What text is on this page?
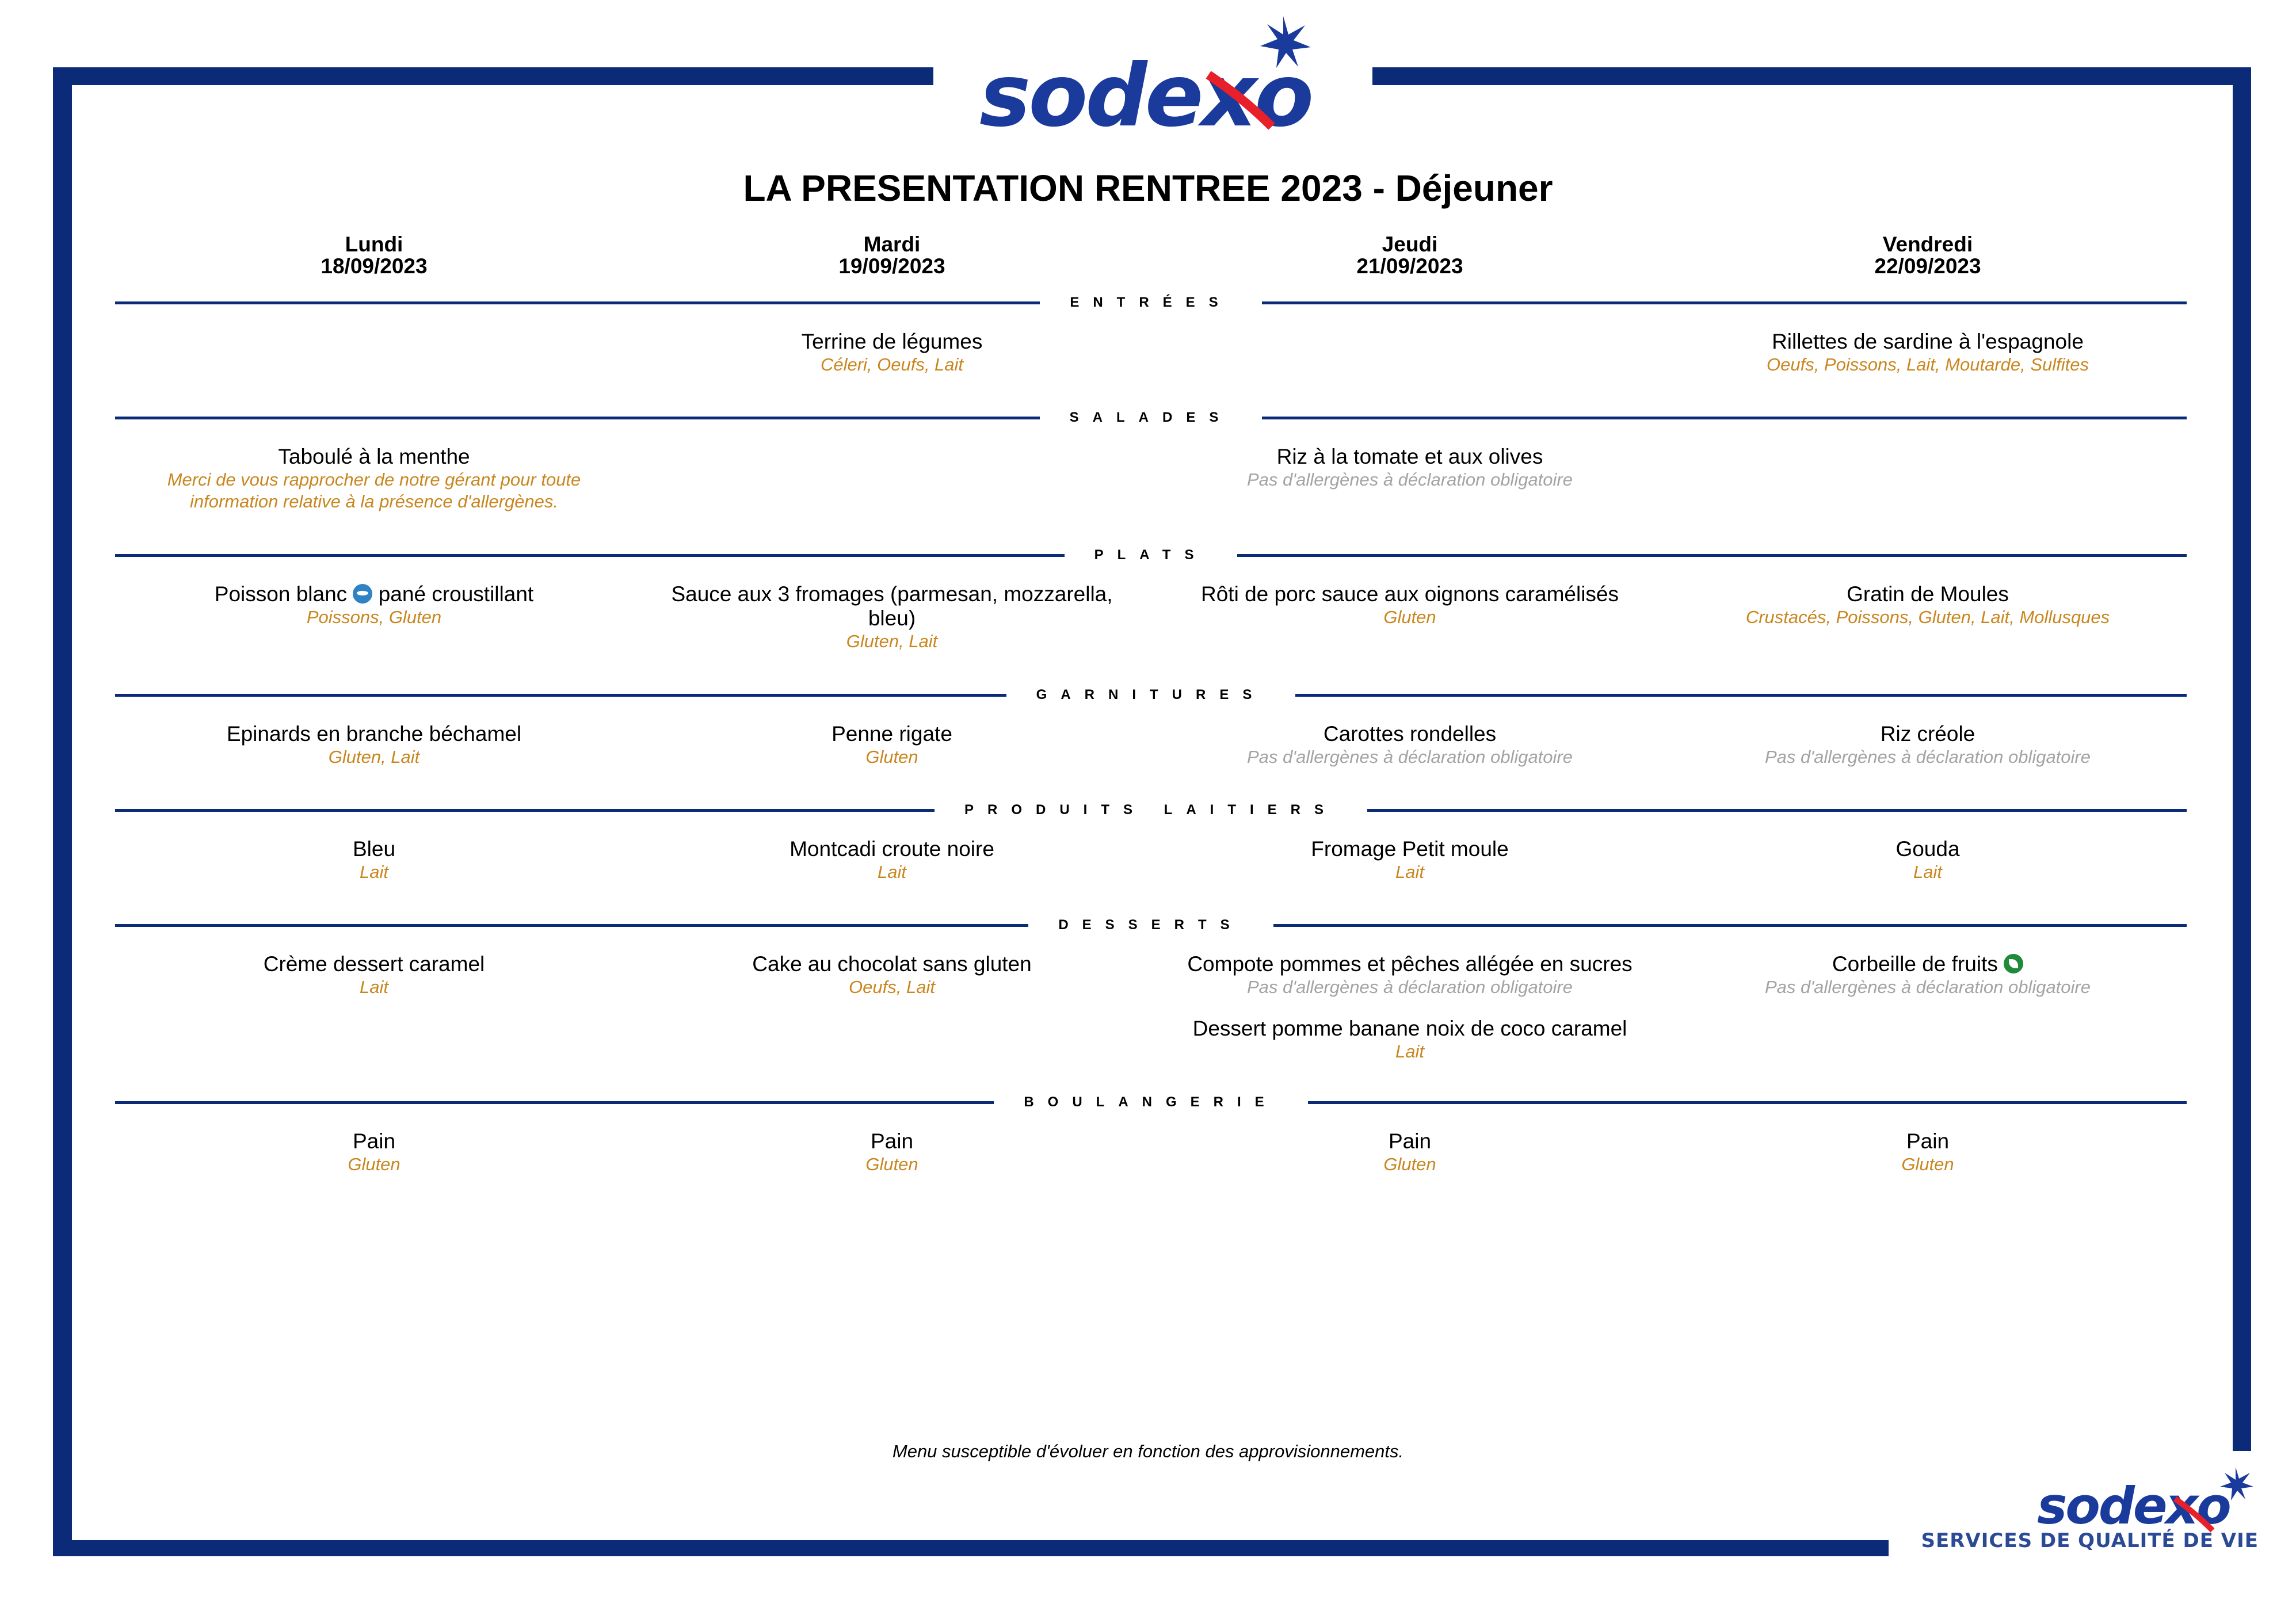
sodexo
LA PRESENTATION RENTREE 2023 - Déjeuner
Lundi
18/09/2023
Mardi
19/09/2023
Jeudi
21/09/2023
Vendredi
22/09/2023
ENTRÉES
Terrine de légumes
Céleri, Oeufs, Lait
Rillettes de sardine à l'espagnole
Oeufs, Poissons, Lait, Moutarde, Sulfites
SALADES
Taboulé à la menthe
Merci de vous rapprocher de notre gérant pour toute
information relative à la présence d'allergènes.
Riz à la tomate et aux olives
Pas d'allergènes à déclaration obligatoire
PLATS
Poisson blanc pané croustillant
Poissons, Gluten
Sauce aux 3 fromages (parmesan, mozzarella,
bleu)
Gluten, Lait
Rôti de porc sauce aux oignons caramélisés
Gluten
Gratin de Moules
Crustacés, Poissons, Gluten, Lait, Mollusques
GARNITURES
Epinards en branche béchamel
Gluten, Lait
Penne rigate
Gluten
Carottes rondelles
Pas d'allergènes à déclaration obligatoire
Riz créole
Pas d'allergènes à déclaration obligatoire
PRODUITS LAITIERS
Bleu
Lait
Montcadi croute noire
Lait
Fromage Petit moule
Lait
Gouda
Lait
DESSERTS
Crème dessert caramel
Lait
Cake au chocolat sans gluten
Oeufs, Lait
Compote pommes et pêches allégée en sucres
Pas d'allergènes à déclaration obligatoire
Dessert pomme banane noix de coco caramel
Lait
Corbeille de fruits
Pas d'allergènes à déclaration obligatoire
BOULANGERIE
Pain
Gluten
Pain
Gluten
Pain
Gluten
Pain
Gluten
Menu susceptible d'évoluer en fonction des approvisionnements.
sodexo
SERVICES DE QUALITÉ DE VIE
